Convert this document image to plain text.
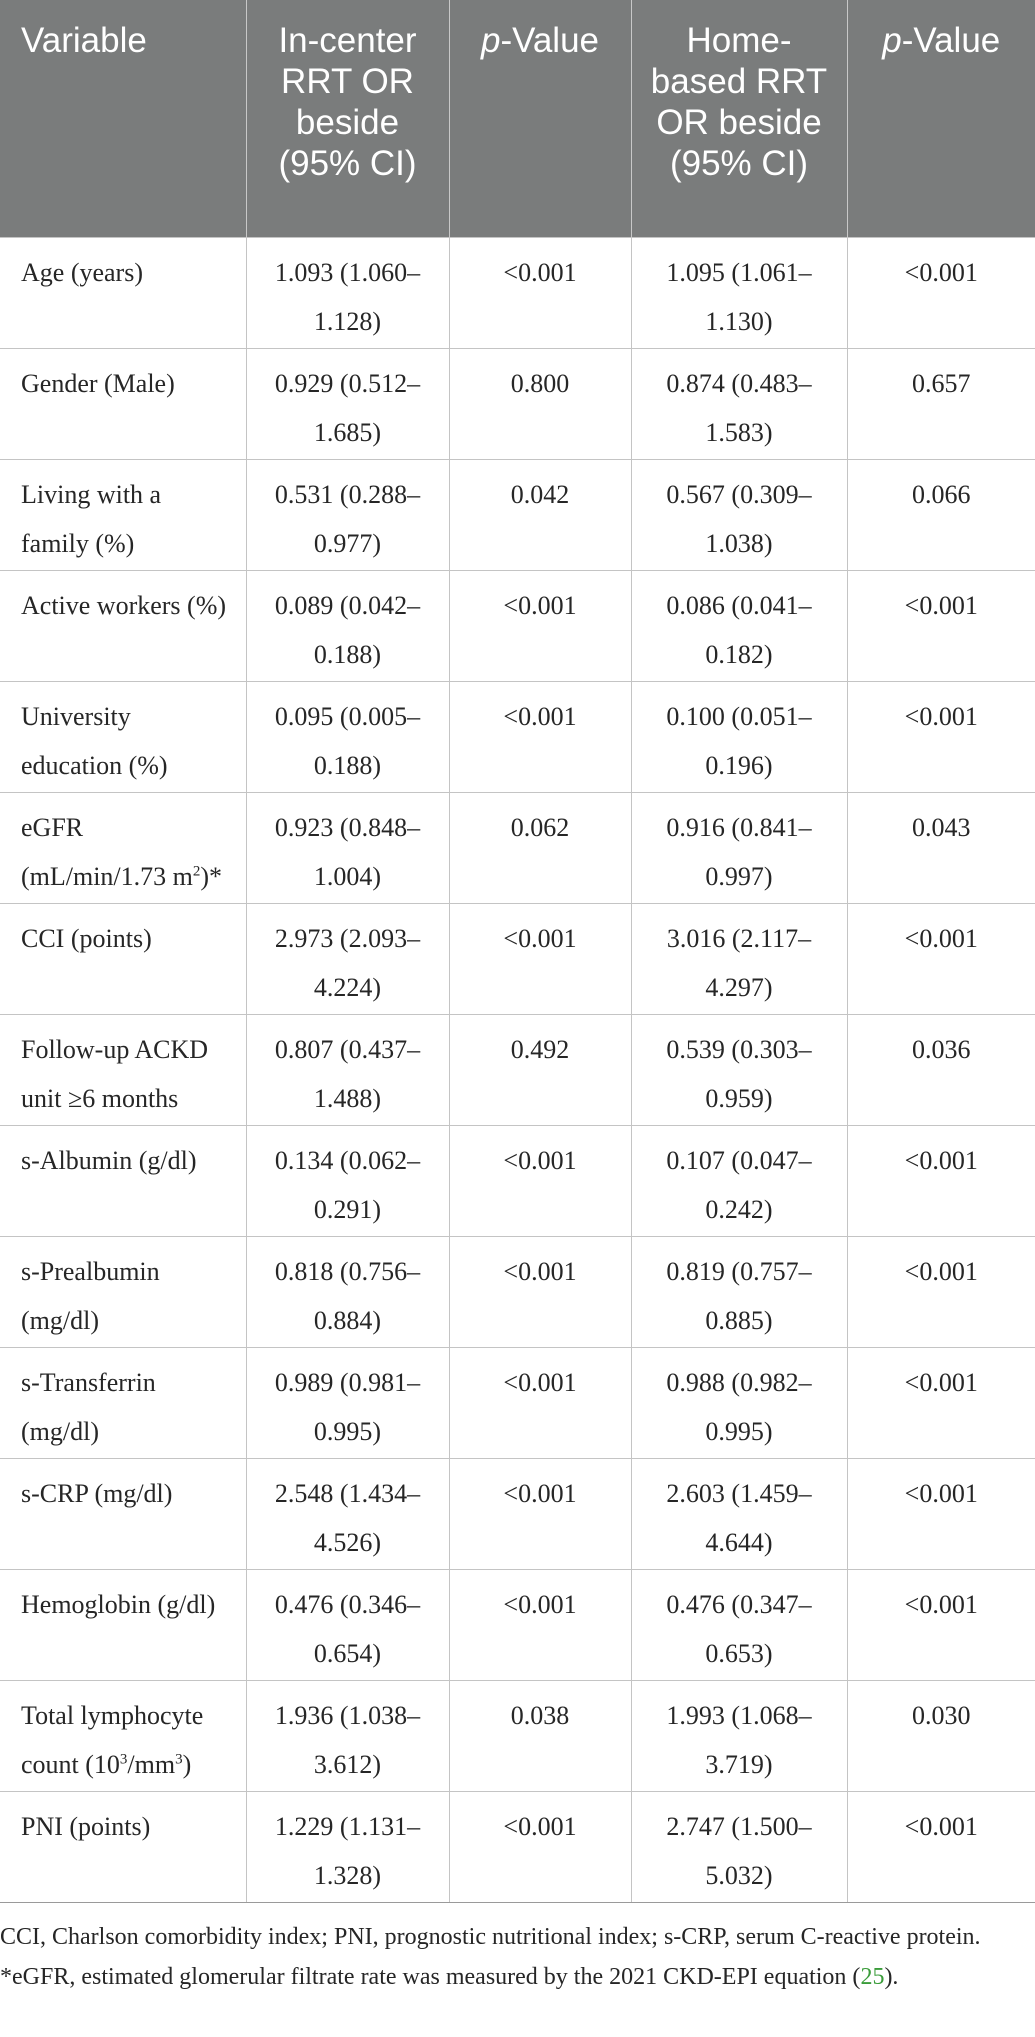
Variable	In-center RRT OR beside (95% CI)	p-Value	Home-based RRT OR beside (95% CI)	p-Value
Age (years)	1.093 (1.060–1.128)	<0.001	1.095 (1.061–1.130)	<0.001
Gender (Male)	0.929 (0.512–1.685)	0.800	0.874 (0.483–1.583)	0.657
Living with a family (%)	0.531 (0.288–0.977)	0.042	0.567 (0.309–1.038)	0.066
Active workers (%)	0.089 (0.042–0.188)	<0.001	0.086 (0.041–0.182)	<0.001
University education (%)	0.095 (0.005–0.188)	<0.001	0.100 (0.051–0.196)	<0.001
eGFR (mL/min/1.73 $m^2)*$	0.923 (0.848–1.004)	0.062	0.916 (0.841–0.997)	0.043
CCI (points)	2.973 (2.093–4.224)	<0.001	3.016 (2.117–4.297)	<0.001
Follow-up ACKD unit ≥6 months	0.807 (0.437–1.488)	0.492	0.539 (0.303–0.959)	0.036
s-Albumin (g/dl)	0.134 (0.062–0.291)	<0.001	0.107 (0.047–0.242)	<0.001
s-Prealbumin (mg/dl)	0.818 (0.756–0.884)	<0.001	0.819 (0.757–0.885)	<0.001
s-Transferrin (mg/dl)	0.989 (0.981–0.995)	<0.001	0.988 (0.982–0.995)	<0.001
s-CRP (mg/dl)	2.548 (1.434–4.526)	<0.001	2.603 (1.459–4.644)	<0.001
Hemoglobin (g/dl)	0.476 (0.346–0.654)	<0.001	0.476 (0.347–0.653)	<0.001
Total lymphocyte count $(10^3/mm^3)$	1.936 (1.038–3.612)	0.038	1.993 (1.068–3.719)	0.030
PNI (points)	1.229 (1.131–1.328)	<0.001	2.747 (1.500–5.032)	<0.001
CCI, Charlson comorbidity index; PNI, prognostic nutritional index; s-CRP, serum C-reactive protein. *eGFR, estimated glomerular filtrate rate was measured by the 2021 CKD-EPI equation (25).
